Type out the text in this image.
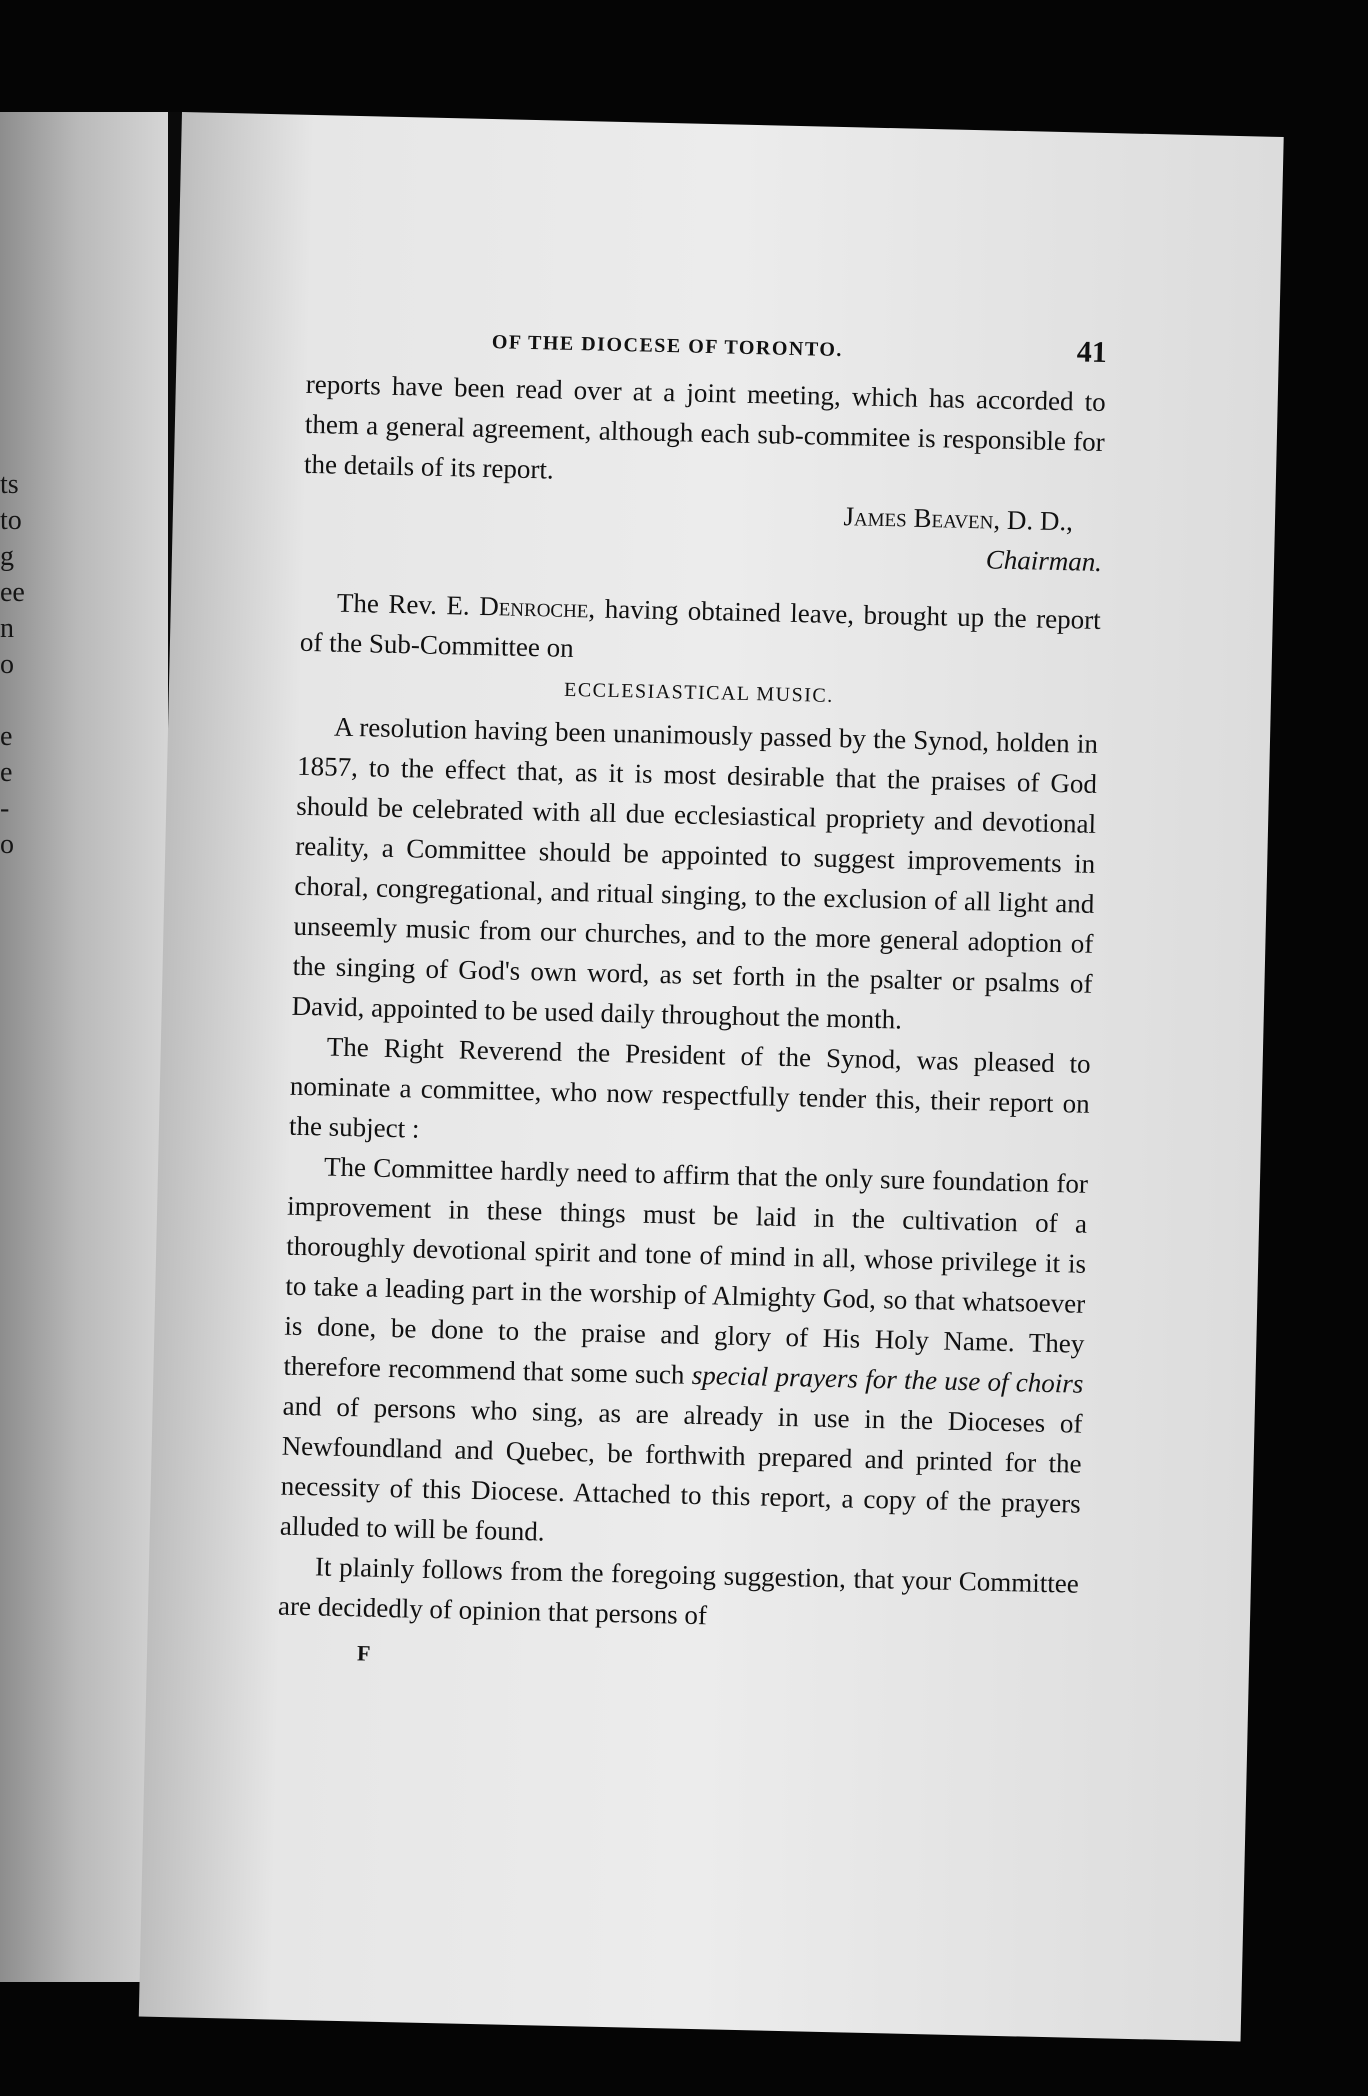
ts
to
g
ee
n
o
e
e
-
o
OF THE DIOCESE OF TORONTO.	41

reports have been read over at a joint meeting, which has accorded to them a general agreement, although each sub-commitee is responsible for the details of its report.

James Beaven, D. D.,
Chairman.

The Rev. E. Denroche, having obtained leave, brought up the report of the Sub-Committee on

ECCLESIASTICAL MUSIC.

A resolution having been unanimously passed by the Synod, holden in 1857, to the effect that, as it is most desirable that the praises of God should be celebrated with all due ecclesiastical propriety and devotional reality, a Committee should be appointed to suggest improvements in choral, congregational, and ritual singing, to the exclusion of all light and unseemly music from our churches, and to the more general adoption of the singing of God's own word, as set forth in the psalter or psalms of David, appointed to be used daily throughout the month.

The Right Reverend the President of the Synod, was pleased to nominate a committee, who now respectfully tender this, their report on the subject :

The Committee hardly need to affirm that the only sure foundation for improvement in these things must be laid in the cultivation of a thoroughly devotional spirit and tone of mind in all, whose privilege it is to take a leading part in the worship of Almighty God, so that whatsoever is done, be done to the praise and glory of His Holy Name. They therefore recommend that some such special prayers for the use of choirs and of persons who sing, as are already in use in the Dioceses of Newfoundland and Quebec, be forthwith prepared and printed for the necessity of this Diocese. Attached to this report, a copy of the prayers alluded to will be found.

It plainly follows from the foregoing suggestion, that your Committee are decidedly of opinion that persons of

F
